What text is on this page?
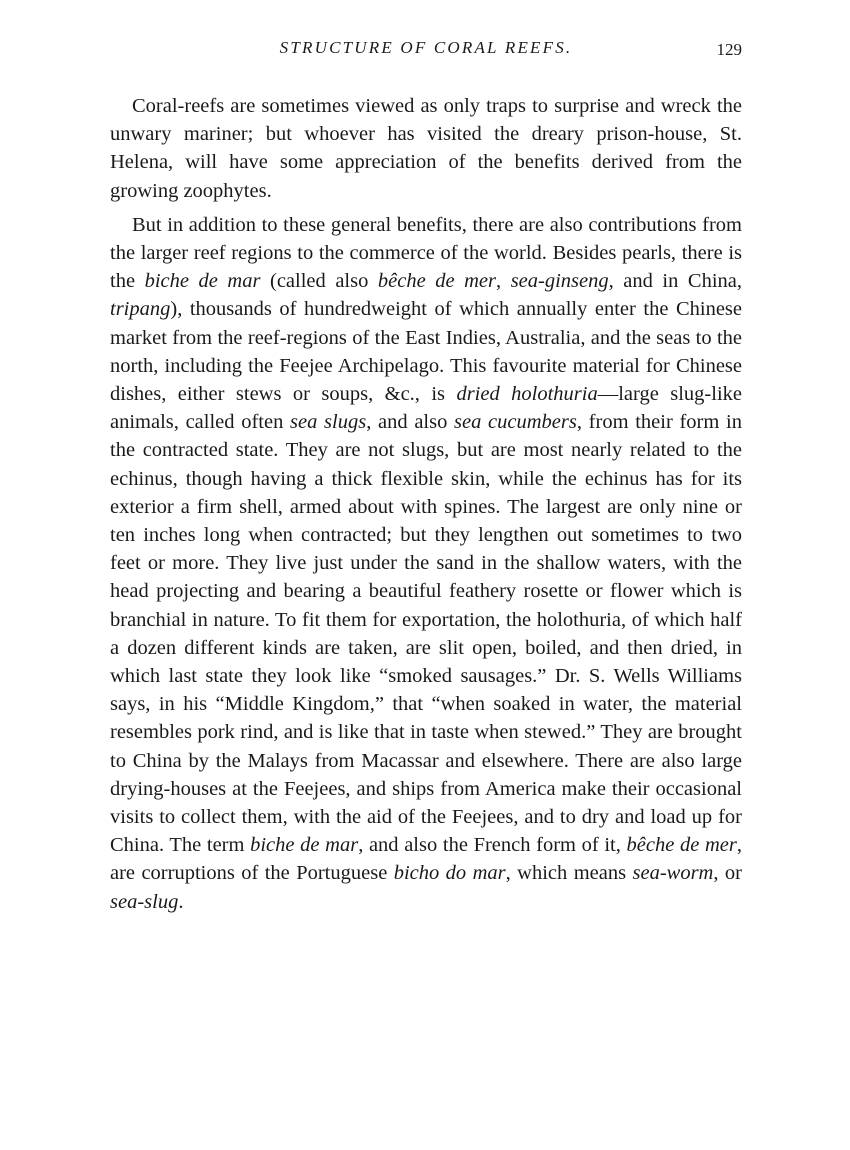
STRUCTURE OF CORAL REEFS.	129

Coral-reefs are sometimes viewed as only traps to surprise and wreck the unwary mariner; but whoever has visited the dreary prison-house, St. Helena, will have some appreciation of the benefits derived from the growing zoophytes.

But in addition to these general benefits, there are also contributions from the larger reef regions to the commerce of the world. Besides pearls, there is the biche de mar (called also bêche de mer, sea-ginseng, and in China, tripang), thousands of hundredweight of which annually enter the Chinese market from the reef-regions of the East Indies, Australia, and the seas to the north, including the Feejee Archipelago. This favourite material for Chinese dishes, either stews or soups, &c., is dried holothuria—large slug-like animals, called often sea slugs, and also sea cucumbers, from their form in the contracted state. They are not slugs, but are most nearly related to the echinus, though having a thick flexible skin, while the echinus has for its exterior a firm shell, armed about with spines. The largest are only nine or ten inches long when contracted; but they lengthen out sometimes to two feet or more. They live just under the sand in the shallow waters, with the head projecting and bearing a beautiful feathery rosette or flower which is branchial in nature. To fit them for exportation, the holothuria, of which half a dozen different kinds are taken, are slit open, boiled, and then dried, in which last state they look like “smoked sausages.” Dr. S. Wells Williams says, in his “Middle Kingdom,” that “when soaked in water, the material resembles pork rind, and is like that in taste when stewed.” They are brought to China by the Malays from Macassar and elsewhere. There are also large drying-houses at the Feejees, and ships from America make their occasional visits to collect them, with the aid of the Feejees, and to dry and load up for China. The term biche de mar, and also the French form of it, bêche de mer, are corruptions of the Portuguese bicho do mar, which means sea-worm, or sea-slug.
